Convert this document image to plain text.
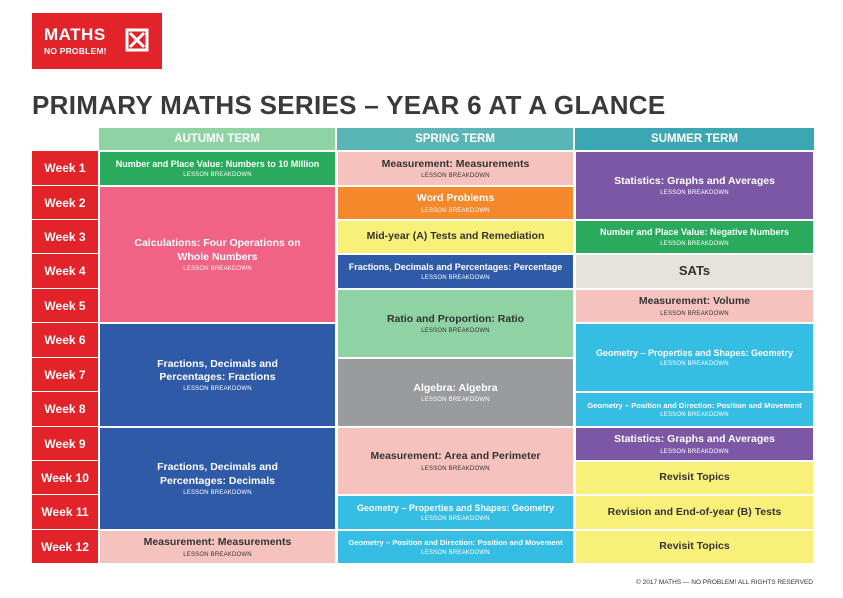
MATHS
NO PROBLEM!
PRIMARY MATHS SERIES – YEAR 6 AT A GLANCE
AUTUMN TERM	SPRING TERM	SUMMER TERM
Week 1
Week 2
Week 3
Week 4
Week 5
Week 6
Week 7
Week 8
Week 9
Week 10
Week 11
Week 12
Number and Place Value: Numbers to 10 Million
LESSON BREAKDOWN
Calculations: Four Operations on Whole Numbers
LESSON BREAKDOWN
Fractions, Decimals and Percentages: Fractions
LESSON BREAKDOWN
Fractions, Decimals and Percentages: Decimals
LESSON BREAKDOWN
Measurement: Measurements
LESSON BREAKDOWN
Measurement: Measurements
LESSON BREAKDOWN
Word Problems
LESSON BREAKDOWN
Mid-year (A) Tests and Remediation
Fractions, Decimals and Percentages: Percentage
LESSON BREAKDOWN
Ratio and Proportion: Ratio
LESSON BREAKDOWN
Algebra: Algebra
LESSON BREAKDOWN
Measurement: Area and Perimeter
LESSON BREAKDOWN
Geometry – Properties and Shapes: Geometry
LESSON BREAKDOWN
Geometry – Position and Direction: Position and Movement
LESSON BREAKDOWN
Statistics: Graphs and Averages
LESSON BREAKDOWN
Number and Place Value: Negative Numbers
LESSON BREAKDOWN
SATs
Measurement: Volume
LESSON BREAKDOWN
Geometry – Properties and Shapes: Geometry
LESSON BREAKDOWN
Geometry – Position and Direction: Position and Movement
LESSON BREAKDOWN
Statistics: Graphs and Averages
LESSON BREAKDOWN
Revisit Topics
Revision and End-of-year (B) Tests
Revisit Topics
© 2017 MATHS — NO PROBLEM! ALL RIGHTS RESERVED
